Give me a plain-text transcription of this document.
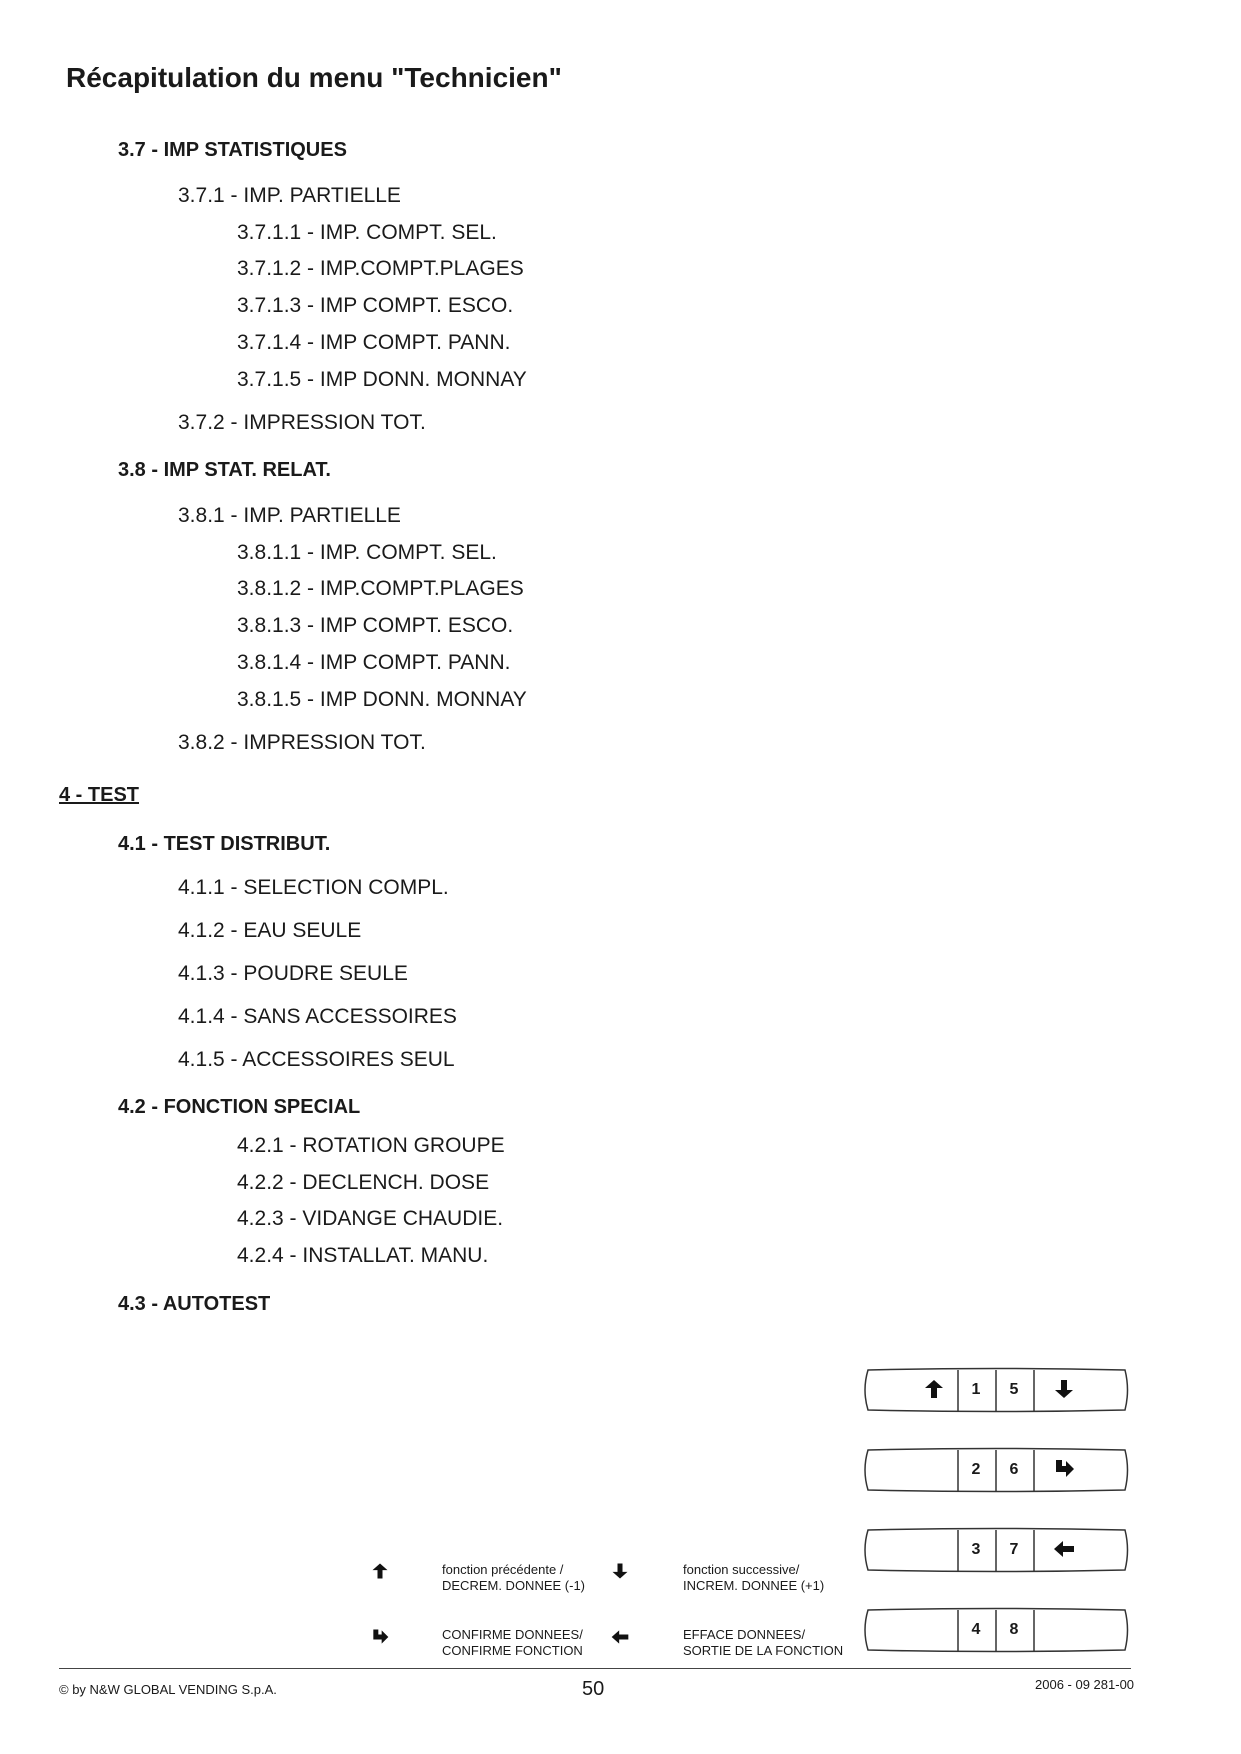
Récapitulation du menu "Technicien"
3.7 - IMP STATISTIQUES
3.7.1 - IMP. PARTIELLE
3.7.1.1 - IMP. COMPT. SEL.
3.7.1.2 - IMP.COMPT.PLAGES
3.7.1.3 - IMP COMPT. ESCO.
3.7.1.4 - IMP COMPT. PANN.
3.7.1.5 - IMP DONN. MONNAY
3.7.2 - IMPRESSION TOT.
3.8 - IMP STAT. RELAT.
3.8.1 - IMP. PARTIELLE
3.8.1.1 - IMP. COMPT. SEL.
3.8.1.2 - IMP.COMPT.PLAGES
3.8.1.3 - IMP COMPT. ESCO.
3.8.1.4 - IMP COMPT. PANN.
3.8.1.5 - IMP DONN. MONNAY
3.8.2 - IMPRESSION TOT.
4 - TEST
4.1 - TEST DISTRIBUT.
4.1.1 - SELECTION COMPL.
4.1.2 - EAU SEULE
4.1.3 - POUDRE SEULE
4.1.4 - SANS ACCESSOIRES
4.1.5 - ACCESSOIRES SEUL
4.2 - FONCTION SPECIAL
4.2.1 - ROTATION GROUPE
4.2.2 - DECLENCH. DOSE
4.2.3 - VIDANGE CHAUDIE.
4.2.4 - INSTALLAT. MANU.
4.3 - AUTOTEST
1	5
2	6
3	7
4	8
fonction précédente /
DECREM. DONNEE (-1)
fonction successive/
INCREM. DONNEE (+1)
CONFIRME DONNEES/
CONFIRME FONCTION
EFFACE DONNEES/
SORTIE DE LA FONCTION
© by N&W GLOBAL VENDING S.p.A.	50	2006 - 09 281-00
